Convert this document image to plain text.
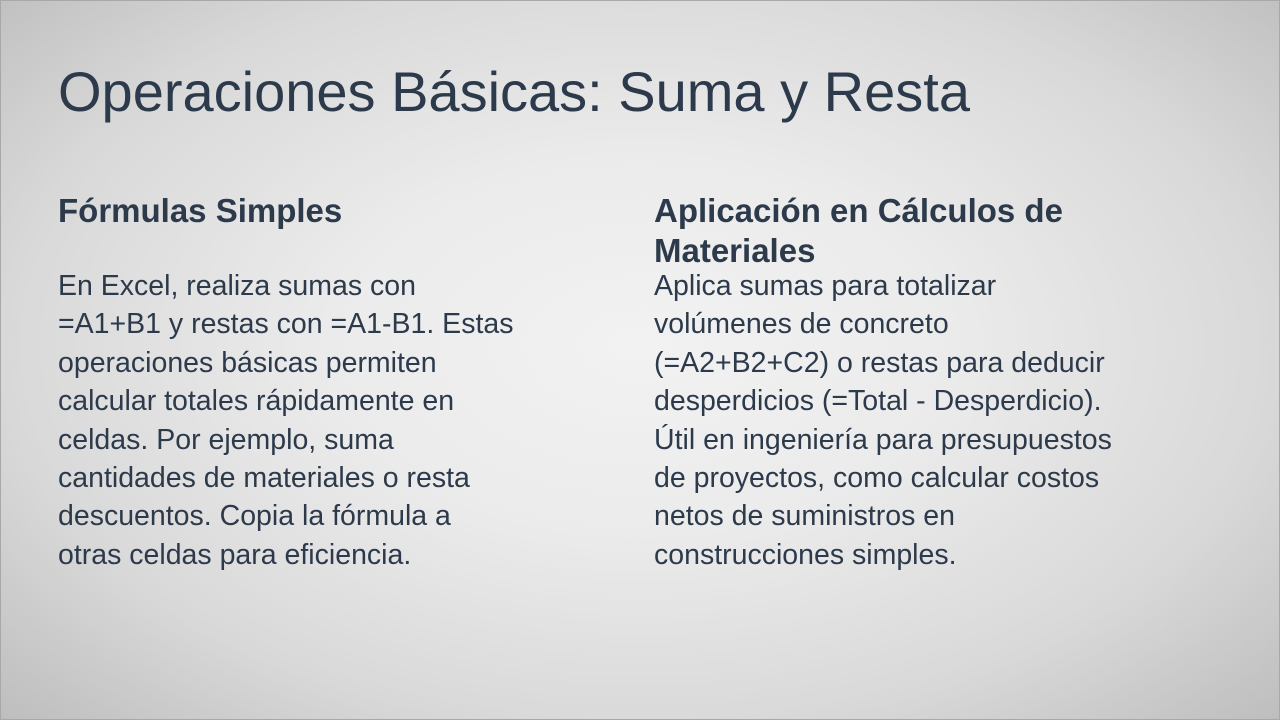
Operaciones Básicas: Suma y Resta
Fórmulas Simples

En Excel, realiza sumas con
=A1+B1 y restas con =A1-B1. Estas
operaciones básicas permiten
calcular totales rápidamente en
celdas. Por ejemplo, suma
cantidades de materiales o resta
descuentos. Copia la fórmula a
otras celdas para eficiencia.

Aplicación en Cálculos de
Materiales

Aplica sumas para totalizar
volúmenes de concreto
(=A2+B2+C2) o restas para deducir
desperdicios (=Total - Desperdicio).
Útil en ingeniería para presupuestos
de proyectos, como calcular costos
netos de suministros en
construcciones simples.
